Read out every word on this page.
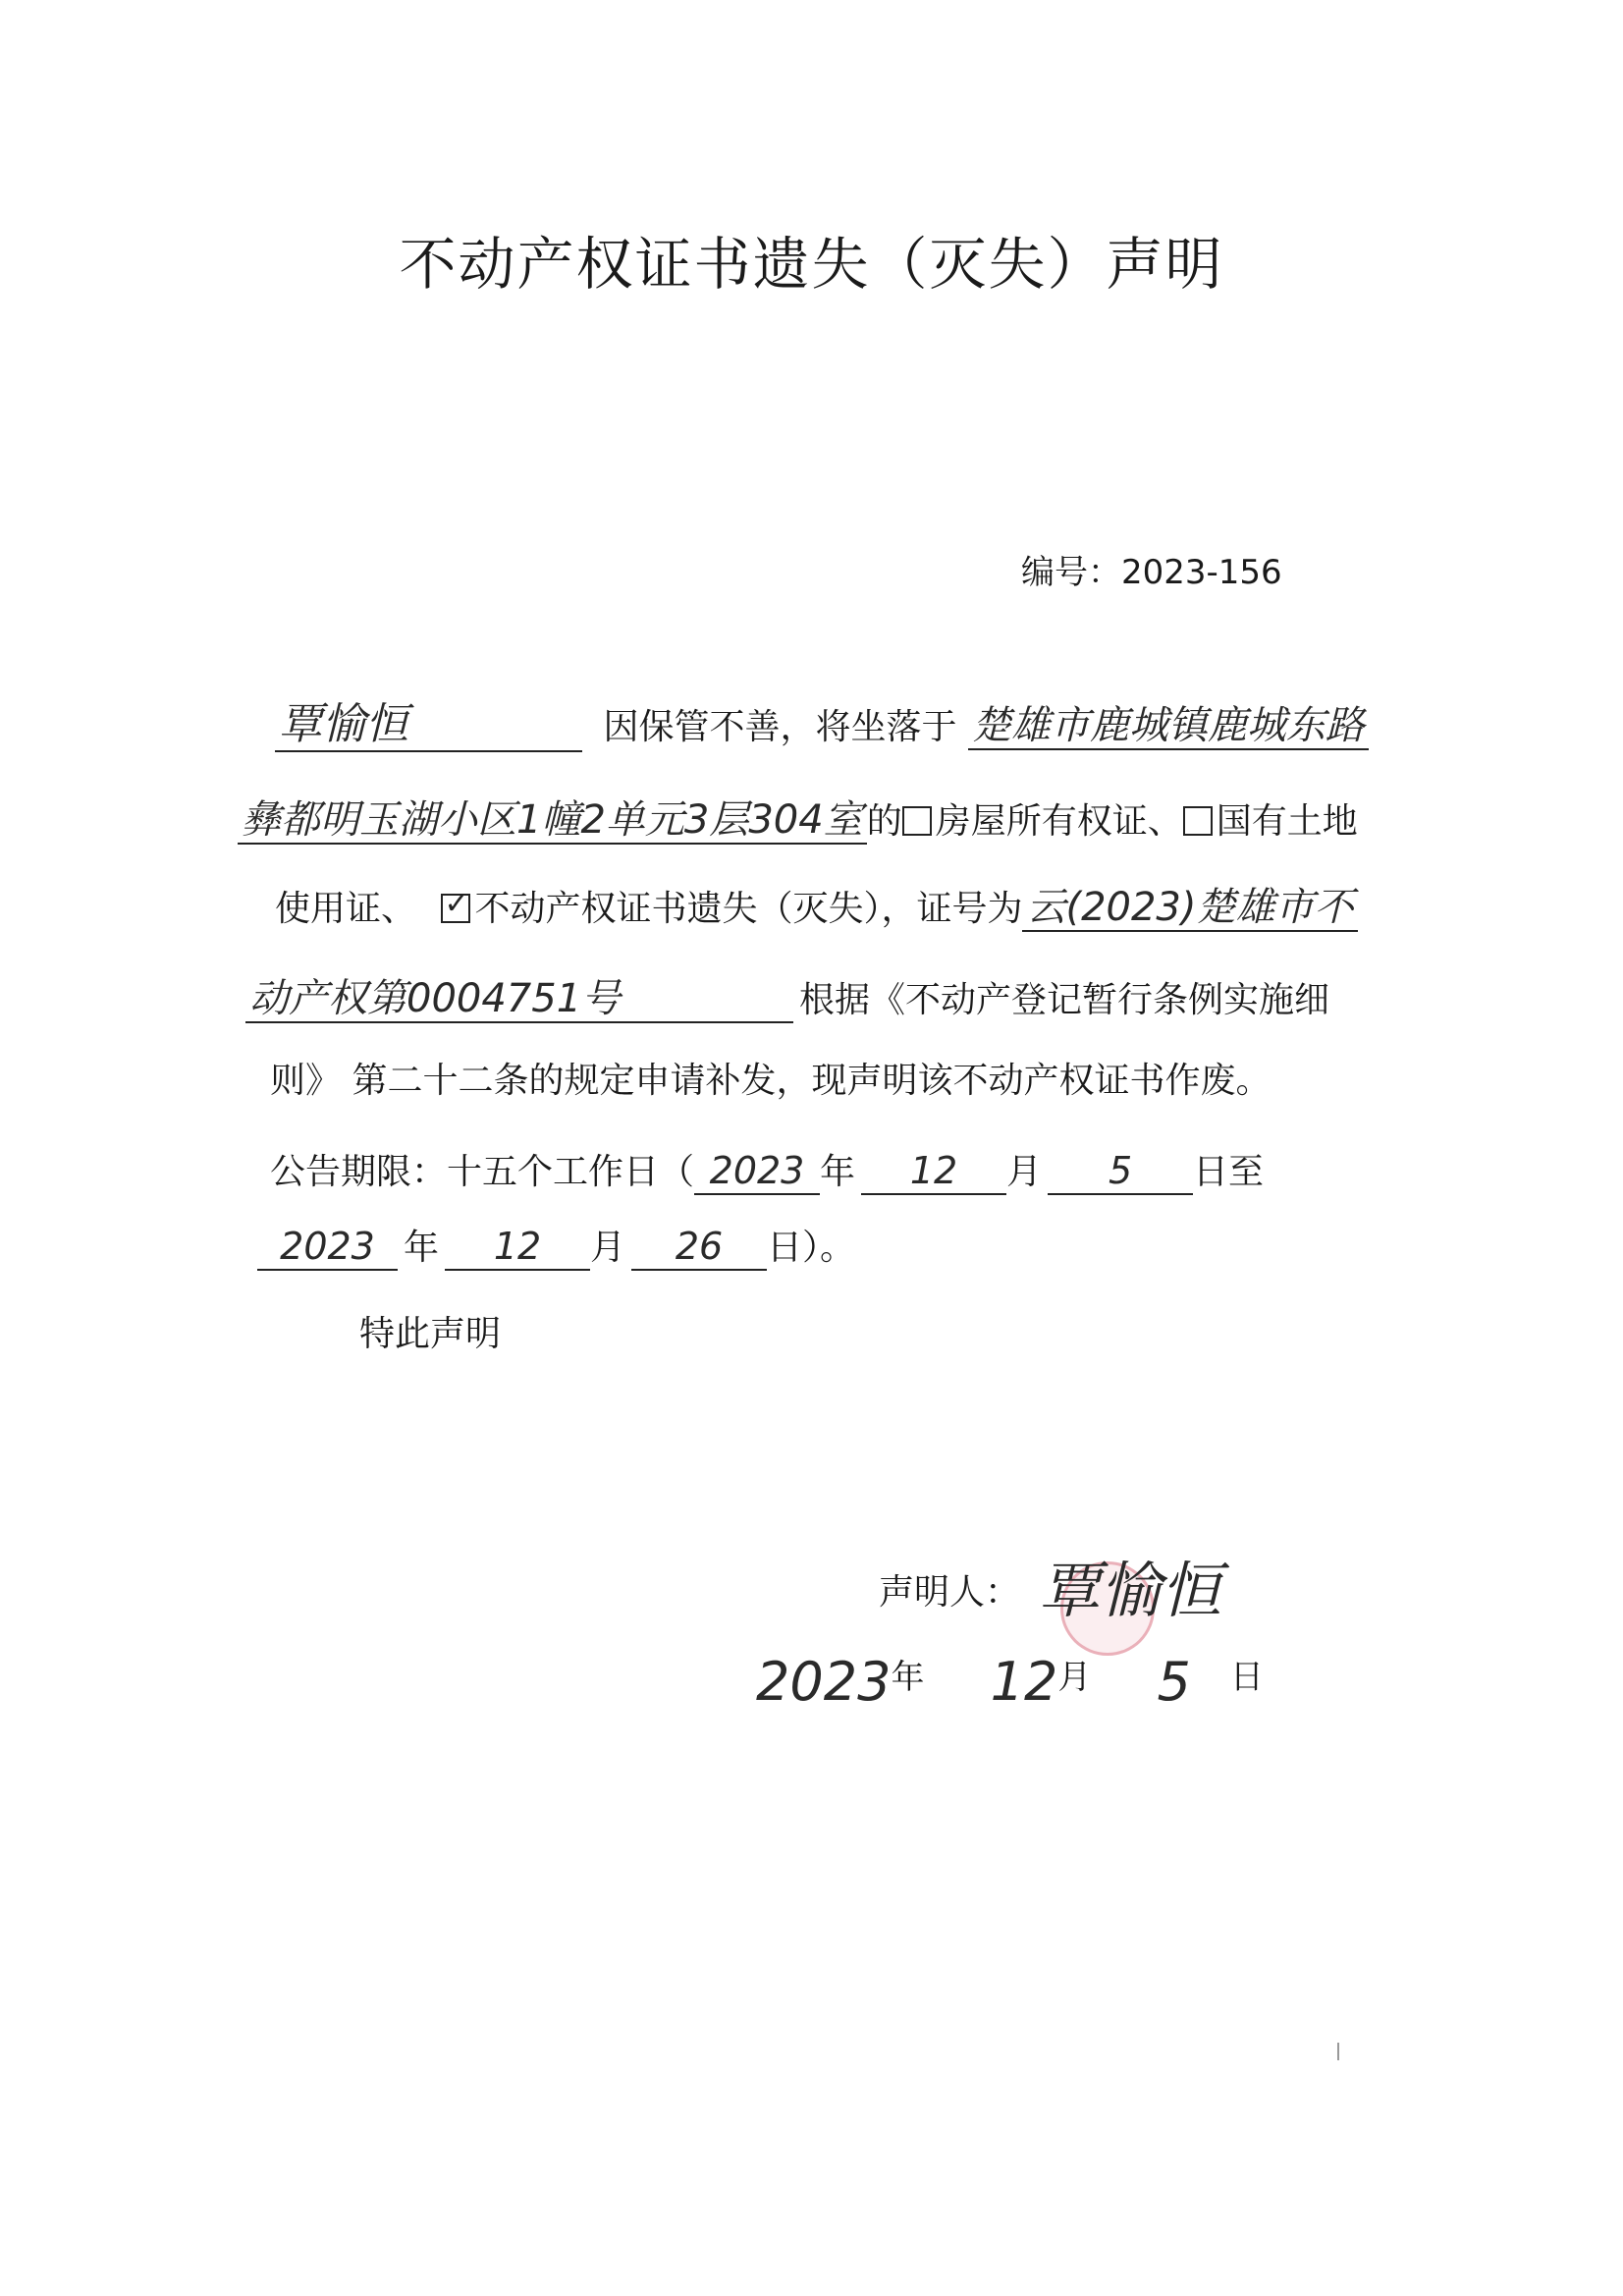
不动产权证书遗失（灭失）声明
编号：2023-156
覃愉恒	因保管不善，将坐落于 楚雄市鹿城镇鹿城东路
彝都明玉湖小区1幢2单元3层304室 的 房屋所有权证、 国有土地
使用证、 ✓ 不动产权证书遗失（灭失），证号为 云(2023)楚雄市不
动产权第0004751号	根据《不动产登记暂行条例实施细
则》 第二十二条的规定申请补发，现声明该不动产权证书作废。
公告期限：十五个工作日（ 2023 年 12 月 5 日至
2023 年 12 月 26 日）。
特此声明
声明人： 覃愉恒
$2023^年$ $12^月$ 5 $^日$
